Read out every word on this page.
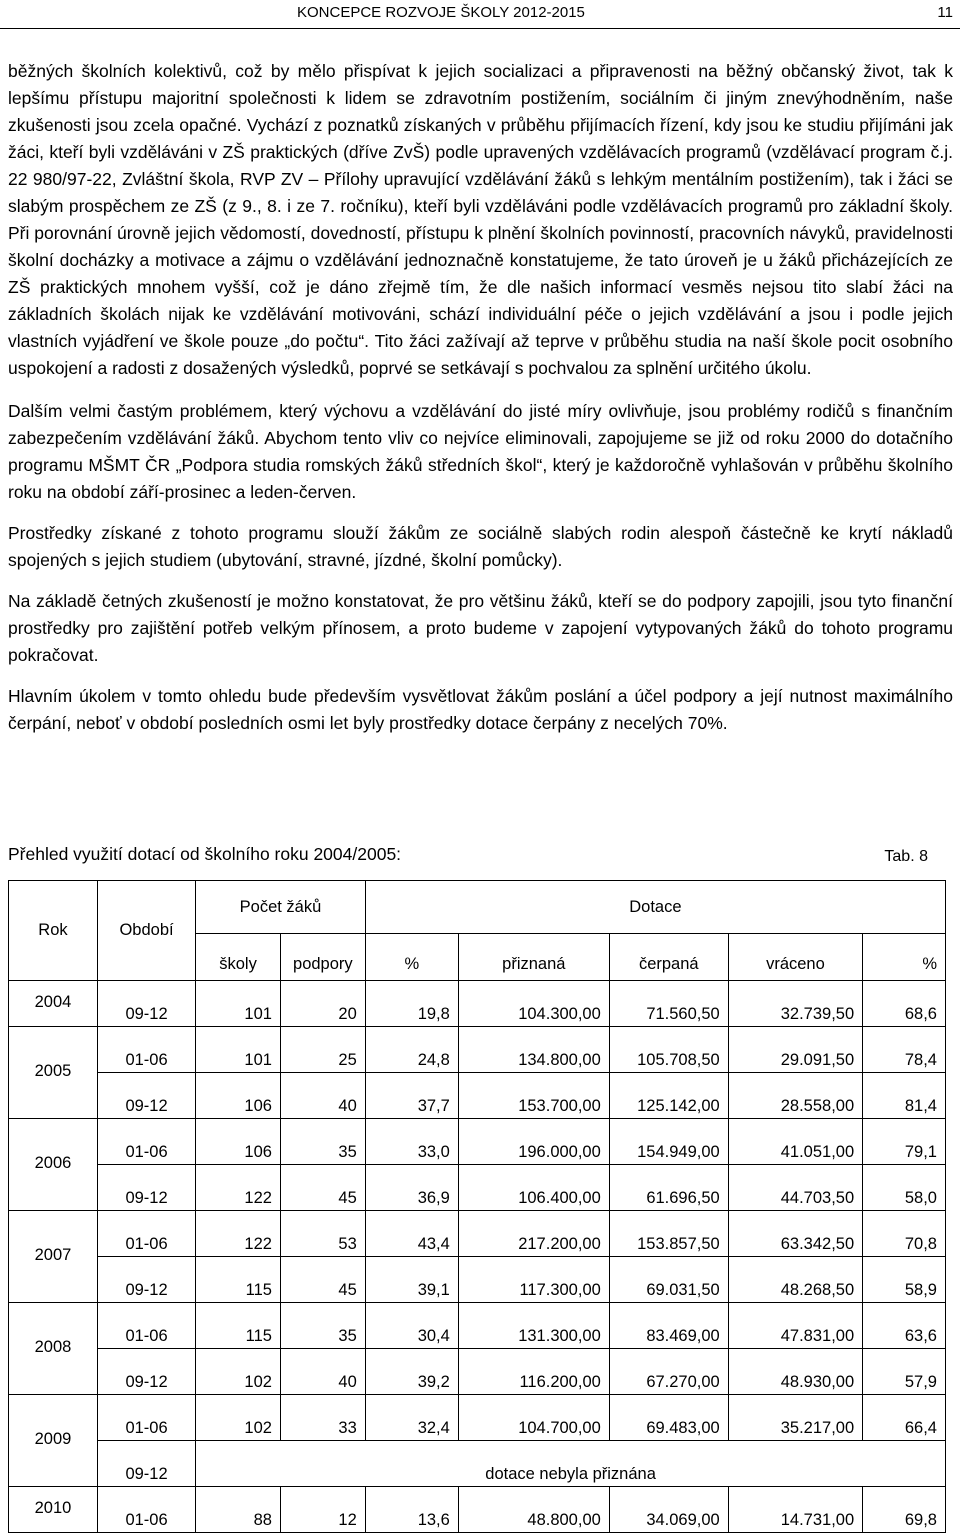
KONCEPCE ROZVOJE ŠKOLY 2012-2015	11

běžných školních kolektivů, což by mělo přispívat k jejich socializaci a připravenosti na běžný občanský život, tak k lepšímu přístupu majoritní společnosti k lidem se zdravotním postižením, sociálním či jiným znevýhodněním, naše zkušenosti jsou zcela opačné. Vychází z poznatků získaných v průběhu přijímacích řízení, kdy jsou ke studiu přijímáni jak žáci, kteří byli vzděláváni v ZŠ praktických (dříve ZvŠ) podle upravených vzdělávacích programů (vzdělávací program č.j. 22 980/97-22, Zvláštní škola, RVP ZV – Přílohy upravující vzdělávání žáků s lehkým mentálním postižením), tak i žáci se slabým prospěchem ze ZŠ (z 9., 8. i ze 7. ročníku), kteří byli vzděláváni podle vzdělávacích programů pro základní školy. Při porovnání úrovně jejich vědomostí, dovedností, přístupu k plnění školních povinností, pracovních návyků, pravidelnosti školní docházky a motivace a zájmu o vzdělávání jednoznačně konstatujeme, že tato úroveň je u žáků přicházejících ze ZŠ praktických mnohem vyšší, což je dáno zřejmě tím, že dle našich informací vesměs nejsou tito slabí žáci na základních školách nijak ke vzdělávání motivováni, schází individuální péče o jejich vzdělávání a jsou i podle jejich vlastních vyjádření ve škole pouze „do počtu“. Tito žáci zažívají až teprve v průběhu studia na naší škole pocit osobního uspokojení a radosti z dosažených výsledků, poprvé se setkávají s pochvalou za splnění určitého úkolu.

Dalším velmi častým problémem, který výchovu a vzdělávání do jisté míry ovlivňuje, jsou problémy rodičů s finančním zabezpečením vzdělávání žáků. Abychom tento vliv co nejvíce eliminovali, zapojujeme se již od roku 2000 do dotačního programu MŠMT ČR „Podpora studia romských žáků středních škol“, který je každoročně vyhlašován v průběhu školního roku na období září-prosinec a leden-červen.

Prostředky získané z tohoto programu slouží žákům ze sociálně slabých rodin alespoň částečně ke krytí nákladů spojených s jejich studiem (ubytování, stravné, jízdné, školní pomůcky).

Na základě četných zkušeností je možno konstatovat, že pro většinu žáků, kteří se do podpory zapojili, jsou tyto finanční prostředky pro zajištění potřeb velkým přínosem, a proto budeme v zapojení vytypovaných žáků do tohoto programu pokračovat.

Hlavním úkolem v tomto ohledu bude především vysvětlovat žákům poslání a účel podpory a její nutnost maximálního čerpání, neboť v období posledních osmi let byly prostředky dotace čerpány z necelých 70%.

Přehled využití dotací od školního roku 2004/2005:	Tab. 8
Rok	Období	Počet žáků		Dotace				
		školy	podpory	%	přiznaná	čerpaná	vráceno	%
2004	09-12	101	20	19,8	104.300,00	71.560,50	32.739,50	68,6
2005	01-06	101	25	24,8	134.800,00	105.708,50	29.091,50	78,4
	09-12	106	40	37,7	153.700,00	125.142,00	28.558,00	81,4
2006	01-06	106	35	33,0	196.000,00	154.949,00	41.051,00	79,1
	09-12	122	45	36,9	106.400,00	61.696,50	44.703,50	58,0
2007	01-06	122	53	43,4	217.200,00	153.857,50	63.342,50	70,8
	09-12	115	45	39,1	117.300,00	69.031,50	48.268,50	58,9
2008	01-06	115	35	30,4	131.300,00	83.469,00	47.831,00	63,6
	09-12	102	40	39,2	116.200,00	67.270,00	48.930,00	57,9
2009	01-06	102	33	32,4	104.700,00	69.483,00	35.217,00	66,4
	09-12	dotace nebyla přiznána						
2010	01-06	88	12	13,6	48.800,00	34.069,00	14.731,00	69,8
